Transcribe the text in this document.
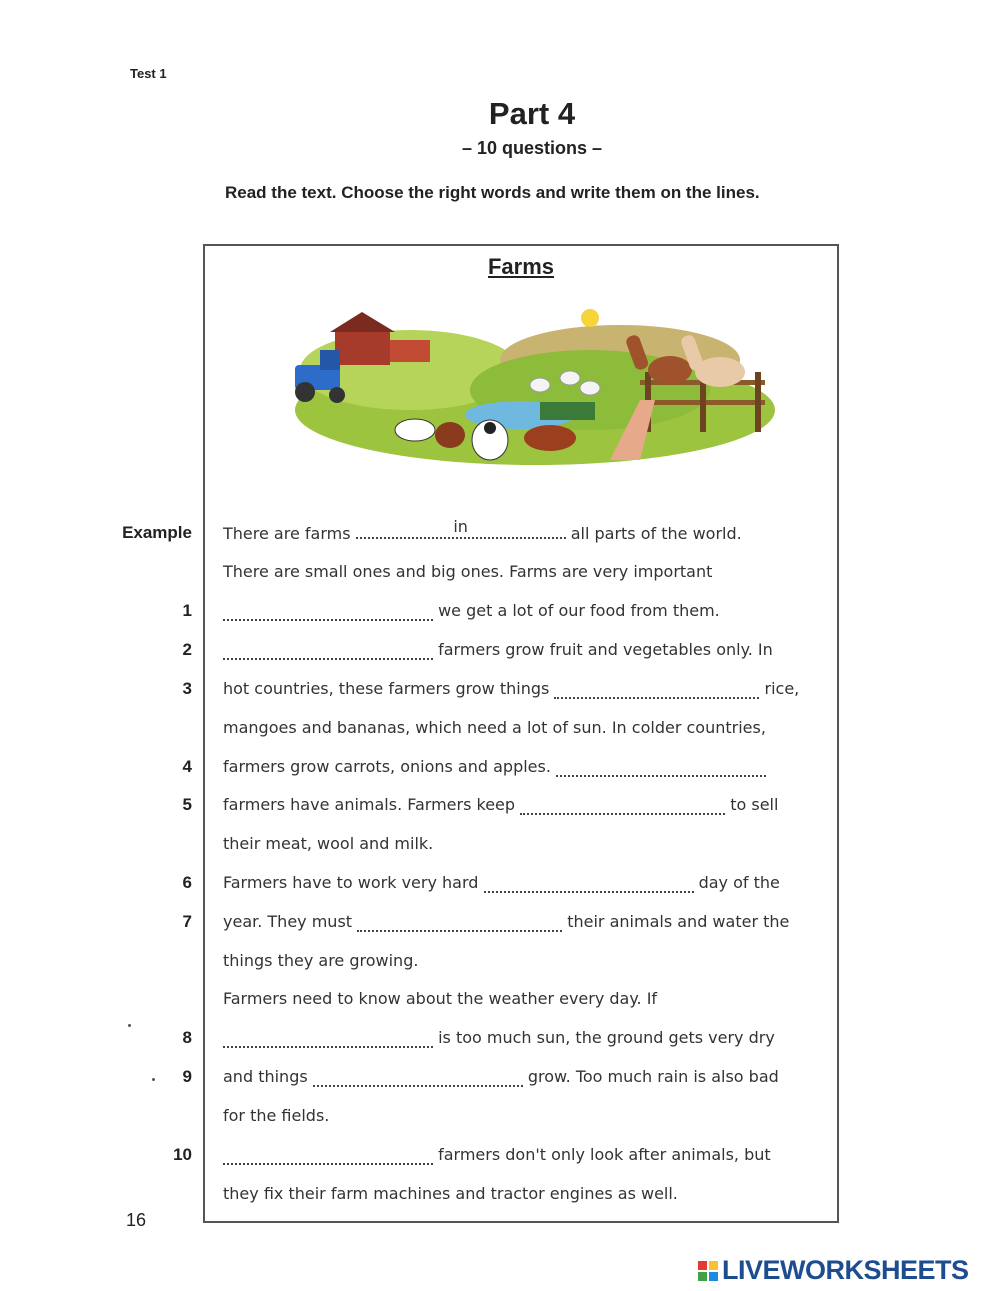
Test 1
Part 4
– 10 questions –
Read the text. Choose the right words and write them on the lines.
Farms
Example There are farms	in	all parts of the world.
There are small ones and big ones. Farms are very important
1	we get a lot of our food from them.
2	farmers grow fruit and vegetables only. In
3 hot countries, these farmers grow things	rice,
mangoes and bananas, which need a lot of sun. In colder countries,
4 farmers grow carrots, onions and apples.
5 farmers have animals. Farmers keep	to sell
their meat, wool and milk.
6 Farmers have to work very hard	day of the
7 year. They must	their animals and water the
things they are growing.
Farmers need to know about the weather every day. If
8	is too much sun, the ground gets very dry
9 and things	grow. Too much rain is also bad
for the fields.
10	farmers don't only look after animals, but
they fix their farm machines and tractor engines as well.
16
LIVEWORKSHEETS
